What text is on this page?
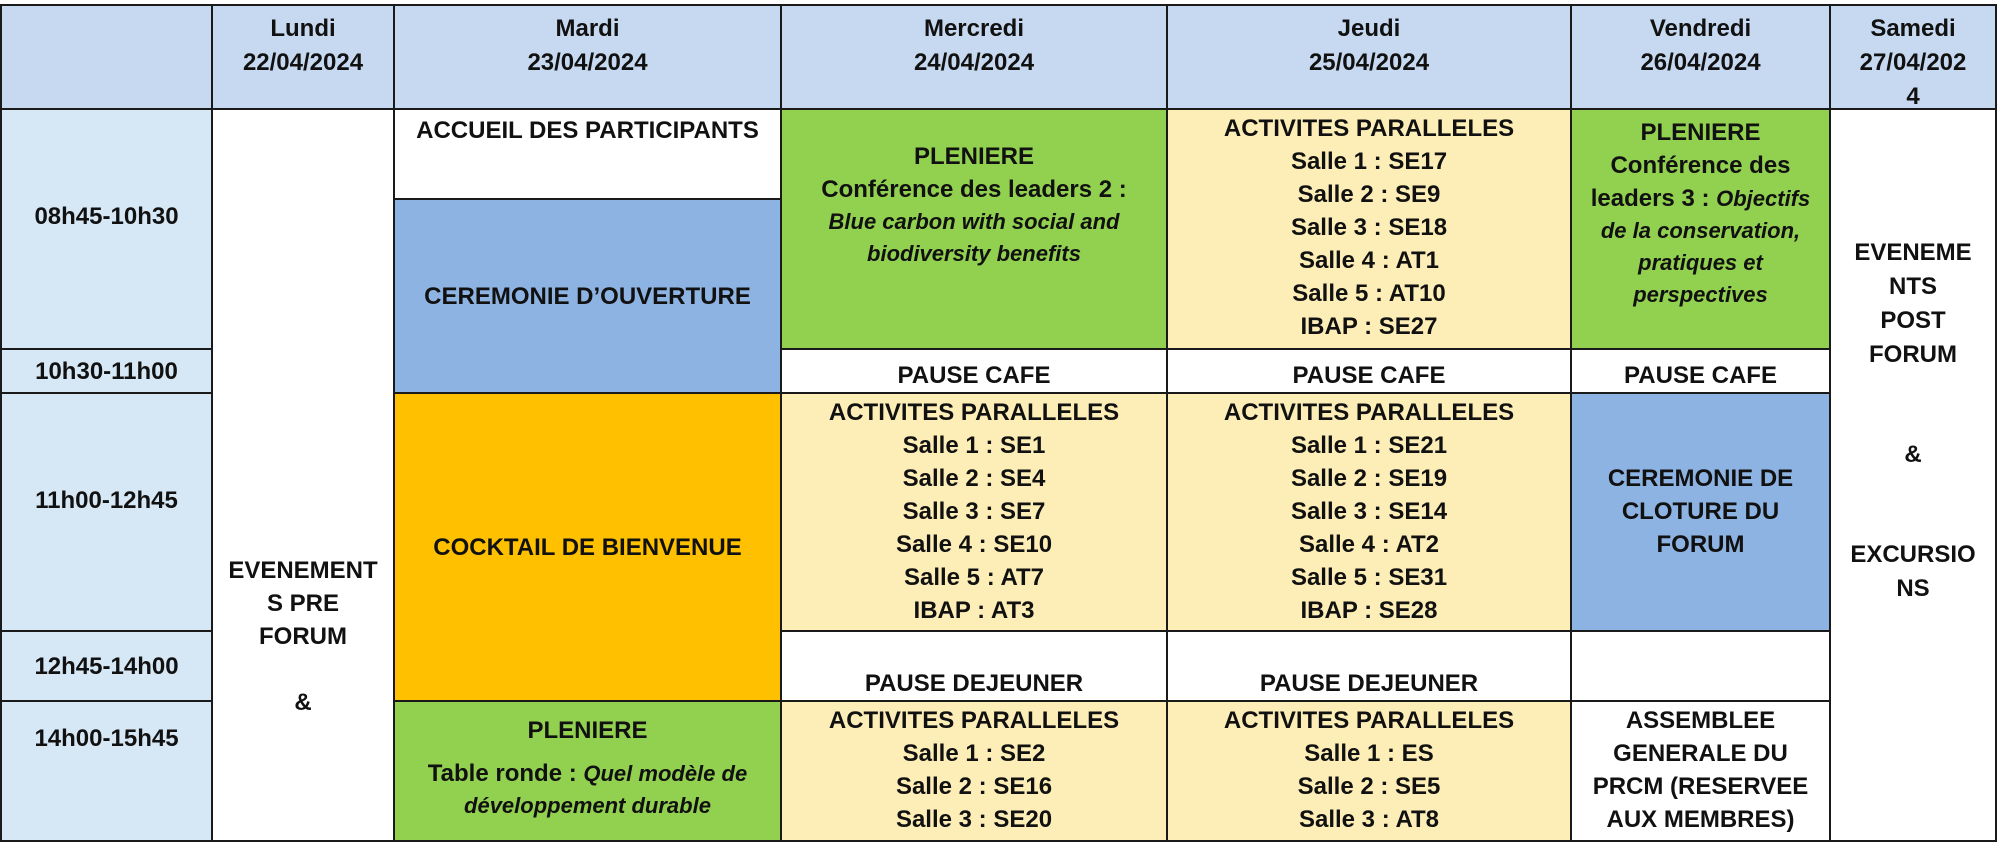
Lundi
22/04/2024
Mardi
23/04/2024
Mercredi
24/04/2024
Jeudi
25/04/2024
Vendredi
26/04/2024
Samedi
27/04/202
4
08h45-10h30
10h30-11h00
11h00-12h45
12h45-14h00
14h00-15h45
EVENEMENT
S PRE
FORUM
&
ACCUEIL DES PARTICIPANTS
CEREMONIE D’OUVERTURE
COCKTAIL DE BIENVENUE
PLENIERE
Table ronde : Quel modèle de
développement durable
PLENIERE
Conférence des leaders 2 :
Blue carbon with social and
biodiversity benefits
PAUSE CAFE
ACTIVITES PARALLELES
Salle 1 : SE1
Salle 2 : SE4
Salle 3 : SE7
Salle 4 : SE10
Salle 5 : AT7
IBAP : AT3
PAUSE DEJEUNER
ACTIVITES PARALLELES
Salle 1 : SE2
Salle 2 : SE16
Salle 3 : SE20
ACTIVITES PARALLELES
Salle 1 : SE17
Salle 2 : SE9
Salle 3 : SE18
Salle 4 : AT1
Salle 5 : AT10
IBAP : SE27
PAUSE CAFE
ACTIVITES PARALLELES
Salle 1 : SE21
Salle 2 : SE19
Salle 3 : SE14
Salle 4 : AT2
Salle 5 : SE31
IBAP : SE28
PAUSE DEJEUNER
ACTIVITES PARALLELES
Salle 1 : ES
Salle 2 : SE5
Salle 3 : AT8
PLENIERE
Conférence des
leaders 3 : Objectifs
de la conservation,
pratiques et
perspectives
PAUSE CAFE
CEREMONIE DE
CLOTURE DU
FORUM
ASSEMBLEE
GENERALE DU
PRCM (RESERVEE
AUX MEMBRES)
EVENEME
NTS
POST
FORUM
&
EXCURSIO
NS
